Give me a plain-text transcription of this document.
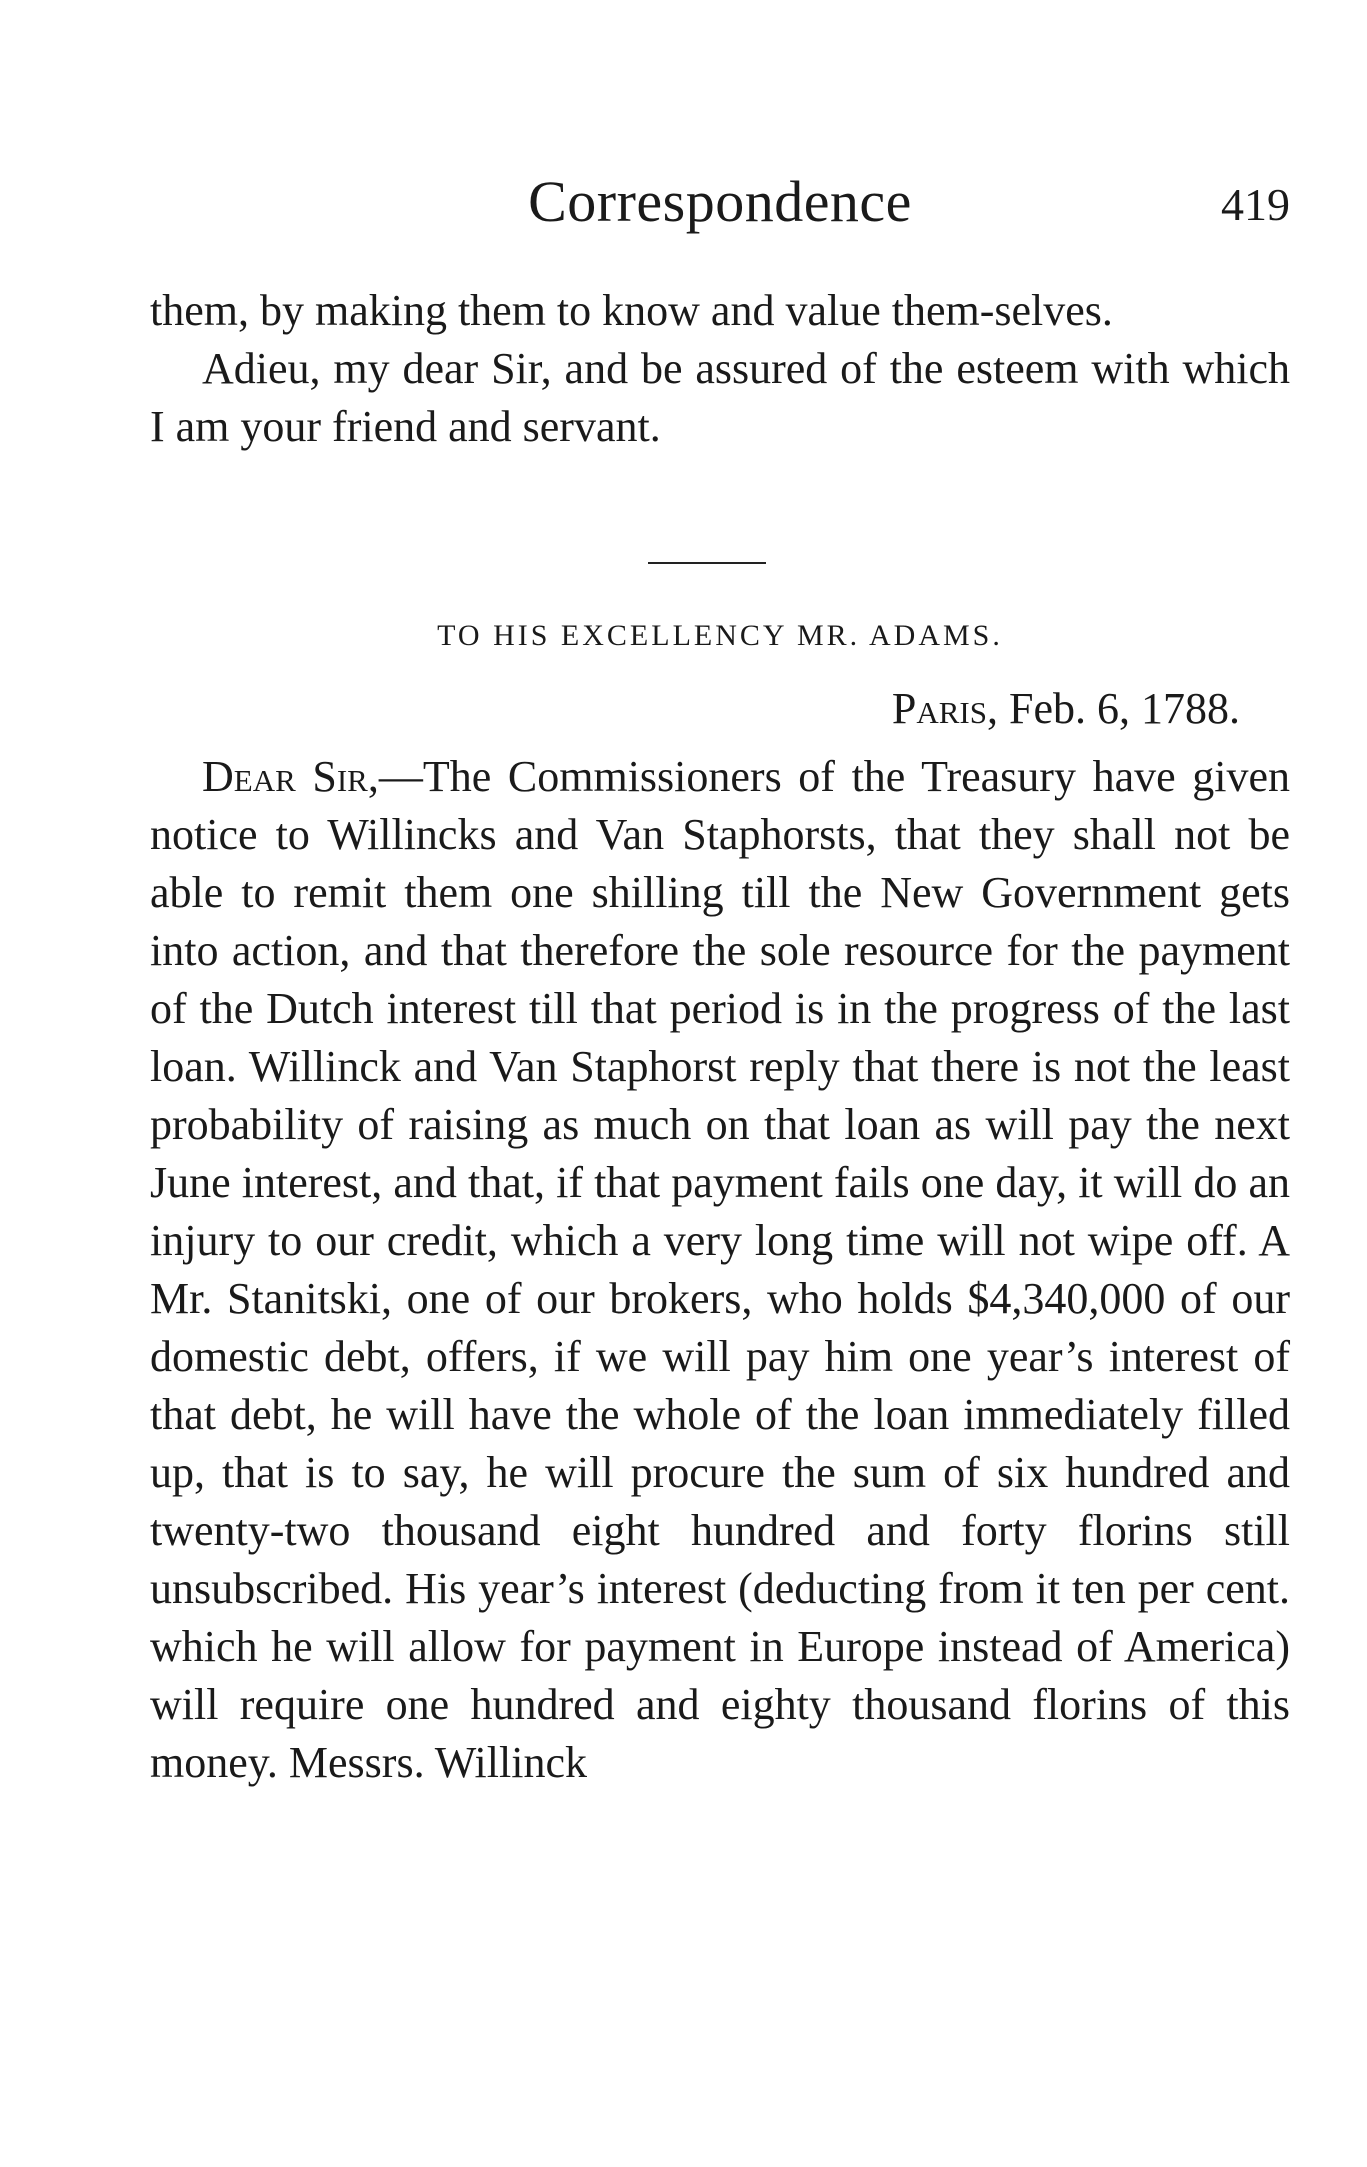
Correspondence	419

them, by making them to know and value them-selves.

Adieu, my dear Sir, and be assured of the esteem with which I am your friend and servant.

TO HIS EXCELLENCY MR. ADAMS.
Paris, Feb. 6, 1788.

Dear Sir,—The Commissioners of the Treasury have given notice to Willincks and Van Staphorsts, that they shall not be able to remit them one shilling till the New Government gets into action, and that therefore the sole resource for the payment of the Dutch interest till that period is in the progress of the last loan. Willinck and Van Staphorst reply that there is not the least probability of raising as much on that loan as will pay the next June interest, and that, if that payment fails one day, it will do an injury to our credit, which a very long time will not wipe off. A Mr. Stanitski, one of our brokers, who holds $4,340,000 of our domestic debt, offers, if we will pay him one year’s interest of that debt, he will have the whole of the loan immediately filled up, that is to say, he will procure the sum of six hundred and twenty-two thousand eight hundred and forty florins still unsubscribed. His year’s interest (deducting from it ten per cent. which he will allow for payment in Europe instead of America) will require one hundred and eighty thousand florins of this money. Messrs. Willinck
